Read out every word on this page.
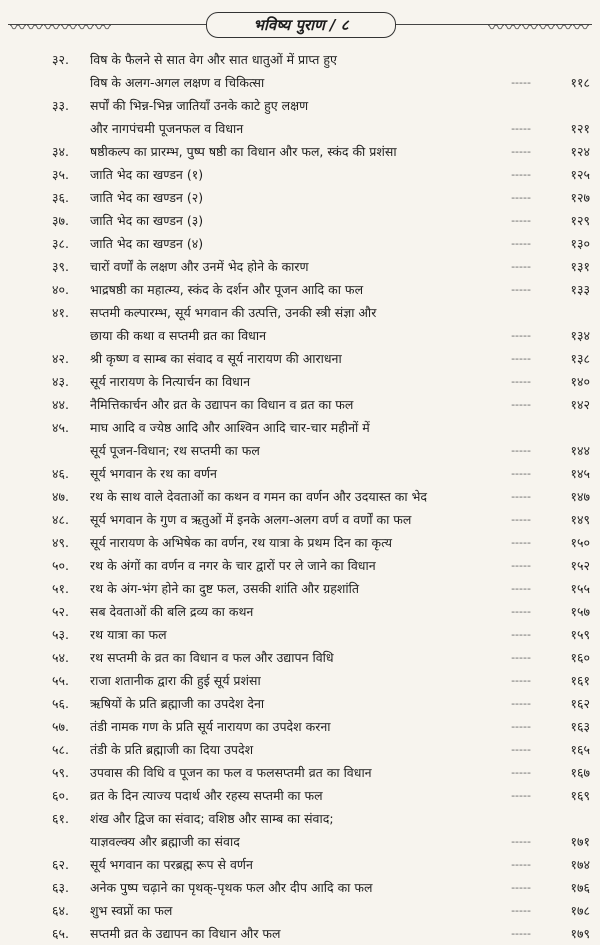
〰〰〰〰〰〰	〰〰〰〰〰〰
भविष्य पुराण / ८
३२.	विष के फैलने से सात वेग और सात धातुओं में प्राप्त हुए
विष के अलग-अगल लक्षण व चिकित्सा	-----	११८
३३.	सर्पों की भिन्न-भिन्न जातियाँ उनके काटे हुए लक्षण
और नागपंचमी पूजनफल व विधान	-----	१२१
३४.	षष्ठीकल्प का प्रारम्भ, पुष्प षष्ठी का विधान और फल, स्कंद की प्रशंसा	-----	१२४
३५.	जाति भेद का खण्डन (१)	-----	१२५
३६.	जाति भेद का खण्डन (२)	-----	१२७
३७.	जाति भेद का खण्डन (३)	-----	१२९
३८.	जाति भेद का खण्डन (४)	-----	१३०
३९.	चारों वर्णों के लक्षण और उनमें भेद होने के कारण	-----	१३१
४०.	भाद्रषष्ठी का महात्म्य, स्कंद के दर्शन और पूजन आदि का फल	-----	१३३
४१.	सप्तमी कल्पारम्भ, सूर्य भगवान की उत्पत्ति, उनकी स्त्री संज्ञा और
छाया की कथा व सप्तमी व्रत का विधान	-----	१३४
४२.	श्री कृष्ण व साम्ब का संवाद व सूर्य नारायण की आराधना	-----	१३८
४३.	सूर्य नारायण के नित्यार्चन का विधान	-----	१४०
४४.	नैमित्तिकार्चन और व्रत के उद्यापन का विधान व व्रत का फल	-----	१४२
४५.	माघ आदि व ज्येष्ठ आदि और आश्विन आदि चार-चार महीनों में
सूर्य पूजन-विधान; रथ सप्तमी का फल	-----	१४४
४६.	सूर्य भगवान के रथ का वर्णन	-----	१४५
४७.	रथ के साथ वाले देवताओं का कथन व गमन का वर्णन और उदयास्त का भेद	-----	१४७
४८.	सूर्य भगवान के गुण व ऋतुओं में इनके अलग-अलग वर्ण व वर्णों का फल	-----	१४९
४९.	सूर्य नारायण के अभिषेक का वर्णन, रथ यात्रा के प्रथम दिन का कृत्य	-----	१५०
५०.	रथ के अंगों का वर्णन व नगर के चार द्वारों पर ले जाने का विधान	-----	१५२
५१.	रथ के अंग-भंग होने का दुष्ट फल, उसकी शांति और ग्रहशांति	-----	१५५
५२.	सब देवताओं की बलि द्रव्य का कथन	-----	१५७
५३.	रथ यात्रा का फल	-----	१५९
५४.	रथ सप्तमी के व्रत का विधान व फल और उद्यापन विधि	-----	१६०
५५.	राजा शतानीक द्वारा की हुई सूर्य प्रशंसा	-----	१६१
५६.	ऋषियों के प्रति ब्रह्माजी का उपदेश देना	-----	१६२
५७.	तंडी नामक गण के प्रति सूर्य नारायण का उपदेश करना	-----	१६३
५८.	तंडी के प्रति ब्रह्माजी का दिया उपदेश	-----	१६५
५९.	उपवास की विधि व पूजन का फल व फलसप्तमी व्रत का विधान	-----	१६७
६०.	व्रत के दिन त्याज्य पदार्थ और रहस्य सप्तमी का फल	-----	१६९
६१.	शंख और द्विज का संवाद; वशिष्ठ और साम्ब का संवाद;
याज्ञवल्क्य और ब्रह्माजी का संवाद	-----	१७१
६२.	सूर्य भगवान का परब्रह्म रूप से वर्णन	-----	१७४
६३.	अनेक पुष्प चढ़ाने का पृथक्-पृथक फल और दीप आदि का फल	-----	१७६
६४.	शुभ स्वप्नों का फल	-----	१७८
६५.	सप्तमी व्रत के उद्यापन का विधान और फल	-----	१७९
